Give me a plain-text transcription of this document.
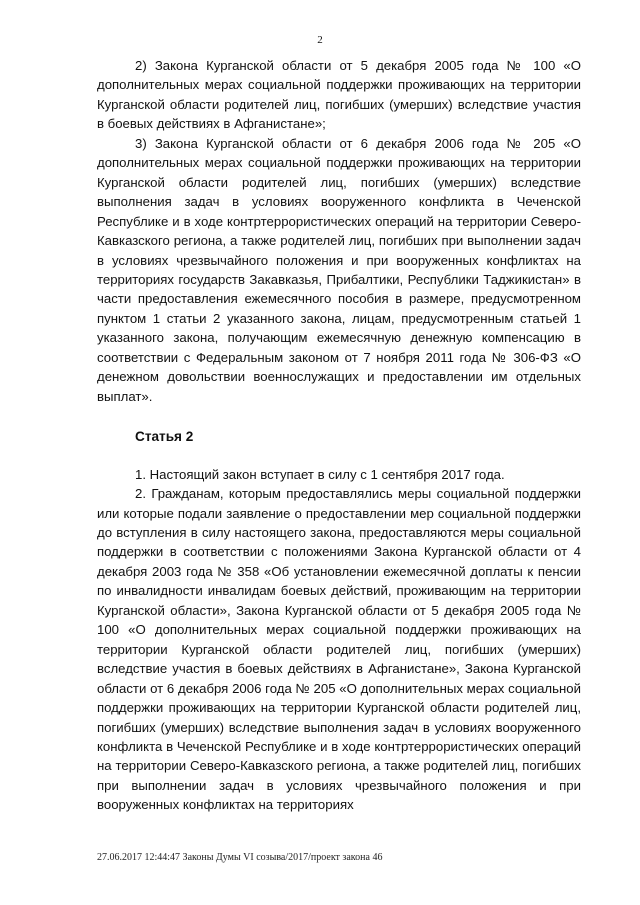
2

2) Закона Курганской области от 5 декабря 2005 года № 100 «О дополнительных мерах социальной поддержки проживающих на территории Курганской области родителей лиц, погибших (умерших) вследствие участия в боевых действиях в Афганистане»;

3) Закона Курганской области от 6 декабря 2006 года № 205 «О дополнительных мерах социальной поддержки проживающих на территории Курганской области родителей лиц, погибших (умерших) вследствие выполнения задач в условиях вооруженного конфликта в Чеченской Республике и в ходе контртеррористических операций на территории Северо-Кавказского региона, а также родителей лиц, погибших при выполнении задач в условиях чрезвычайного положения и при вооруженных конфликтах на территориях государств Закавказья, Прибалтики, Республики Таджикистан» в части предоставления ежемесячного пособия в размере, предусмотренном пунктом 1 статьи 2 указанного закона, лицам, предусмотренным статьей 1 указанного закона, получающим ежемесячную денежную компенсацию в соответствии с Федеральным законом от 7 ноября 2011 года № 306-ФЗ «О денежном довольствии военнослужащих и предоставлении им отдельных выплат».

Статья 2

1. Настоящий закон вступает в силу с 1 сентября 2017 года.

2. Гражданам, которым предоставлялись меры социальной поддержки или которые подали заявление о предоставлении мер социальной поддержки до вступления в силу настоящего закона, предоставляются меры социальной поддержки в соответствии с положениями Закона Курганской области от 4 декабря 2003 года № 358 «Об установлении ежемесячной доплаты к пенсии по инвалидности инвалидам боевых действий, проживающим на территории Курганской области», Закона Курганской области от 5 декабря 2005 года № 100 «О дополнительных мерах социальной поддержки проживающих на территории Курганской области родителей лиц, погибших (умерших) вследствие участия в боевых действиях в Афганистане», Закона Курганской области от 6 декабря 2006 года № 205 «О дополнительных мерах социальной поддержки проживающих на территории Курганской области родителей лиц, погибших (умерших) вследствие выполнения задач в условиях вооруженного конфликта в Чеченской Республике и в ходе контртеррористических операций на территории Северо-Кавказского региона, а также родителей лиц, погибших при выполнении задач в условиях чрезвычайного положения и при вооруженных конфликтах на территориях

27.06.2017 12:44:47 Законы Думы VI созыва/2017/проект закона 46
